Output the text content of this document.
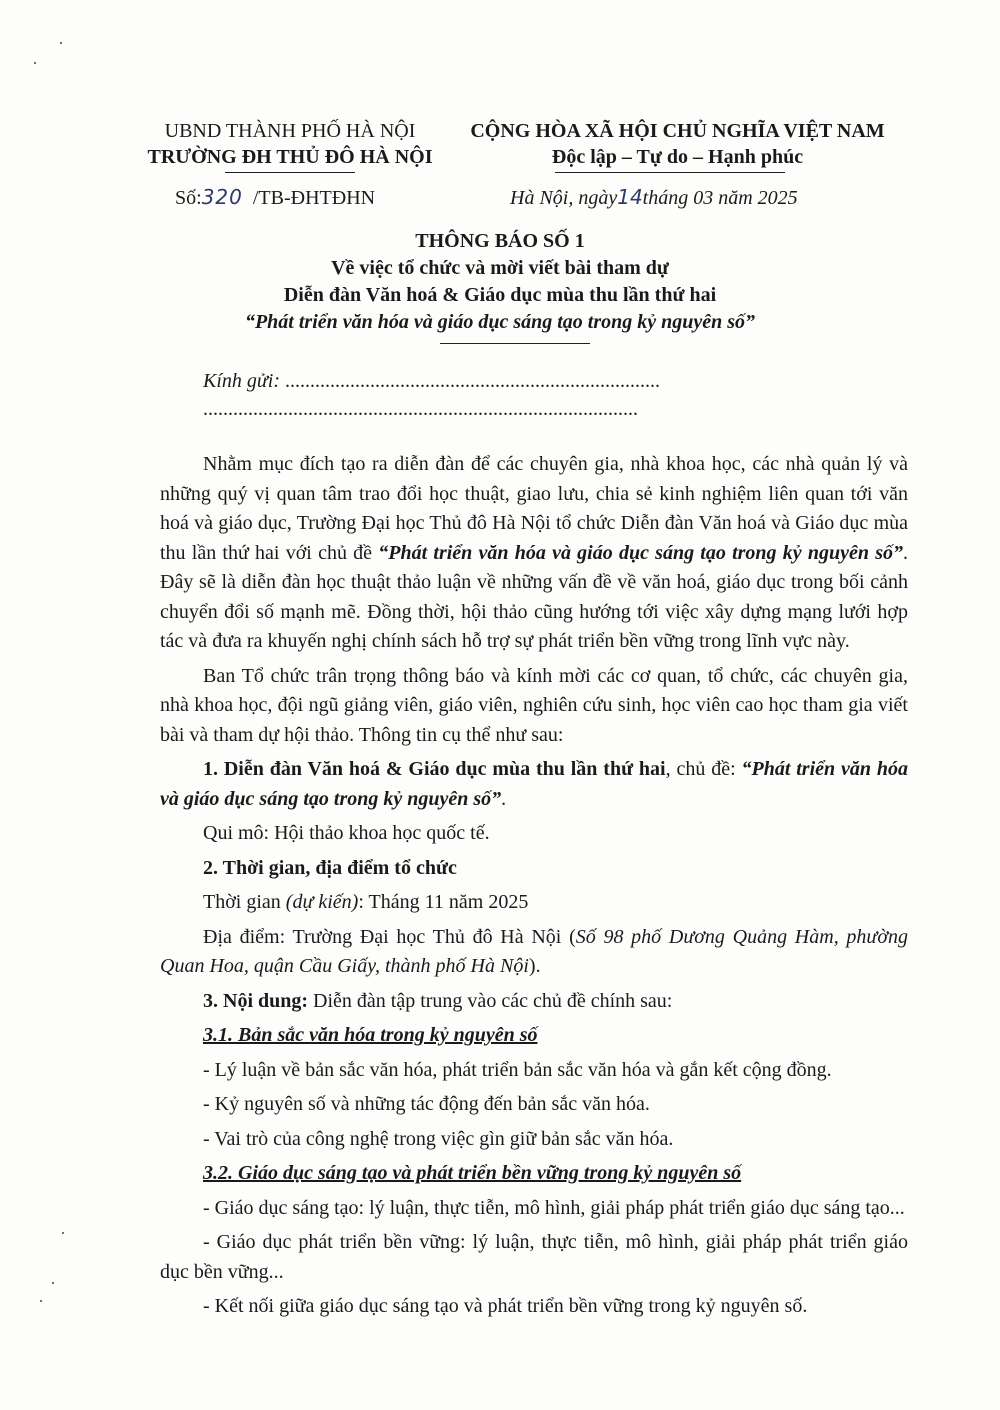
UBND THÀNH PHỐ HÀ NỘI
TRƯỜNG ĐH THỦ ĐÔ HÀ NỘI
CỘNG HÒA XÃ HỘI CHỦ NGHĨA VIỆT NAM
Độc lập – Tự do – Hạnh phúc
Số:320 /TB-ĐHTĐHN	Hà Nội, ngày14tháng 03 năm 2025
THÔNG BÁO SỐ 1
Về việc tổ chức và mời viết bài tham dự
Diễn đàn Văn hoá & Giáo dục mùa thu lần thứ hai
“Phát triển văn hóa và giáo dục sáng tạo trong kỷ nguyên số”
Kính gửi: ...........................................................................
.......................................................................................

Nhằm mục đích tạo ra diễn đàn để các chuyên gia, nhà khoa học, các nhà quản lý và những quý vị quan tâm trao đổi học thuật, giao lưu, chia sẻ kinh nghiệm liên quan tới văn hoá và giáo dục, Trường Đại học Thủ đô Hà Nội tổ chức Diễn đàn Văn hoá và Giáo dục mùa thu lần thứ hai với chủ đề “Phát triển văn hóa và giáo dục sáng tạo trong kỷ nguyên số”. Đây sẽ là diễn đàn học thuật thảo luận về những vấn đề về văn hoá, giáo dục trong bối cảnh chuyển đổi số mạnh mẽ. Đồng thời, hội thảo cũng hướng tới việc xây dựng mạng lưới hợp tác và đưa ra khuyến nghị chính sách hỗ trợ sự phát triển bền vững trong lĩnh vực này.

Ban Tổ chức trân trọng thông báo và kính mời các cơ quan, tổ chức, các chuyên gia, nhà khoa học, đội ngũ giảng viên, giáo viên, nghiên cứu sinh, học viên cao học tham gia viết bài và tham dự hội thảo. Thông tin cụ thể như sau:

1. Diễn đàn Văn hoá & Giáo dục mùa thu lần thứ hai, chủ đề: “Phát triển văn hóa và giáo dục sáng tạo trong kỷ nguyên số”.

Qui mô: Hội thảo khoa học quốc tế.

2. Thời gian, địa điểm tổ chức

Thời gian (dự kiến): Tháng 11 năm 2025

Địa điểm: Trường Đại học Thủ đô Hà Nội (Số 98 phố Dương Quảng Hàm, phường Quan Hoa, quận Cầu Giấy, thành phố Hà Nội).

3. Nội dung: Diễn đàn tập trung vào các chủ đề chính sau:

3.1. Bản sắc văn hóa trong kỷ nguyên số

- Lý luận về bản sắc văn hóa, phát triển bản sắc văn hóa và gắn kết cộng đồng.

- Kỷ nguyên số và những tác động đến bản sắc văn hóa.

- Vai trò của công nghệ trong việc gìn giữ bản sắc văn hóa.

3.2. Giáo dục sáng tạo và phát triển bền vững trong kỷ nguyên số

- Giáo dục sáng tạo: lý luận, thực tiễn, mô hình, giải pháp phát triển giáo dục sáng tạo...

- Giáo dục phát triển bền vững: lý luận, thực tiễn, mô hình, giải pháp phát triển giáo dục bền vững...

- Kết nối giữa giáo dục sáng tạo và phát triển bền vững trong kỷ nguyên số.
